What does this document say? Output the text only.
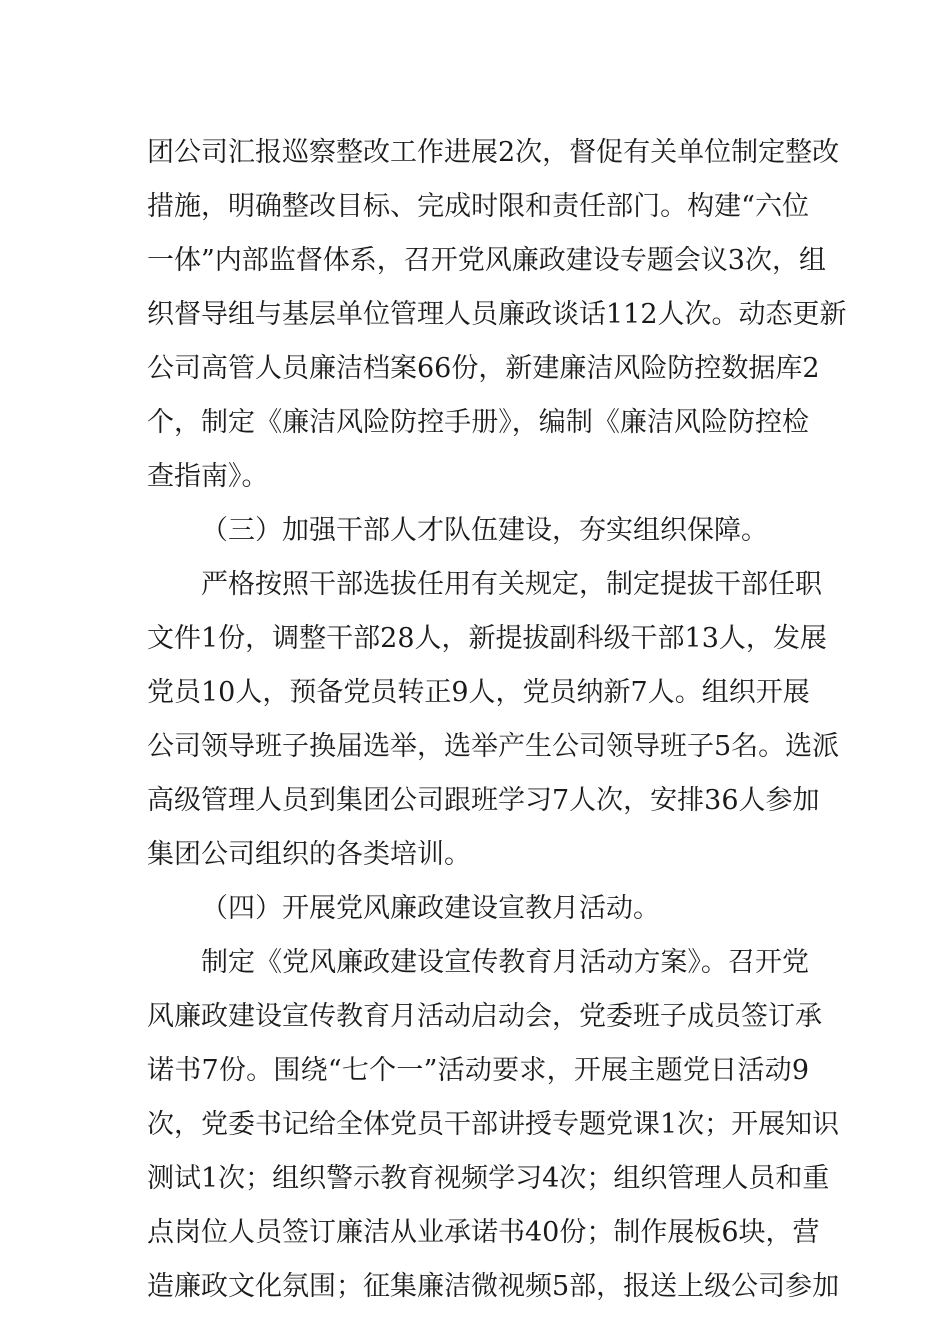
团公司汇报巡察整改工作进展2次，督促有关单位制定整改
措施，明确整改目标、完成时限和责任部门。构建“六位
一体”内部监督体系，召开党风廉政建设专题会议3次，组
织督导组与基层单位管理人员廉政谈话112人次。动态更新
公司高管人员廉洁档案66份，新建廉洁风险防控数据库2
个，制定《廉洁风险防控手册》，编制《廉洁风险防控检
查指南》。
（三）加强干部人才队伍建设，夯实组织保障。
严格按照干部选拔任用有关规定，制定提拔干部任职
文件1份，调整干部28人，新提拔副科级干部13人，发展
党员10人，预备党员转正9人，党员纳新7人。组织开展
公司领导班子换届选举，选举产生公司领导班子5名。选派
高级管理人员到集团公司跟班学习7人次，安排36人参加
集团公司组织的各类培训。
（四）开展党风廉政建设宣教月活动。
制定《党风廉政建设宣传教育月活动方案》。召开党
风廉政建设宣传教育月活动启动会，党委班子成员签订承
诺书7份。围绕“七个一”活动要求，开展主题党日活动9
次，党委书记给全体党员干部讲授专题党课1次；开展知识
测试1次；组织警示教育视频学习4次；组织管理人员和重
点岗位人员签订廉洁从业承诺书40份；制作展板6块，营
造廉政文化氛围；征集廉洁微视频5部，报送上级公司参加
